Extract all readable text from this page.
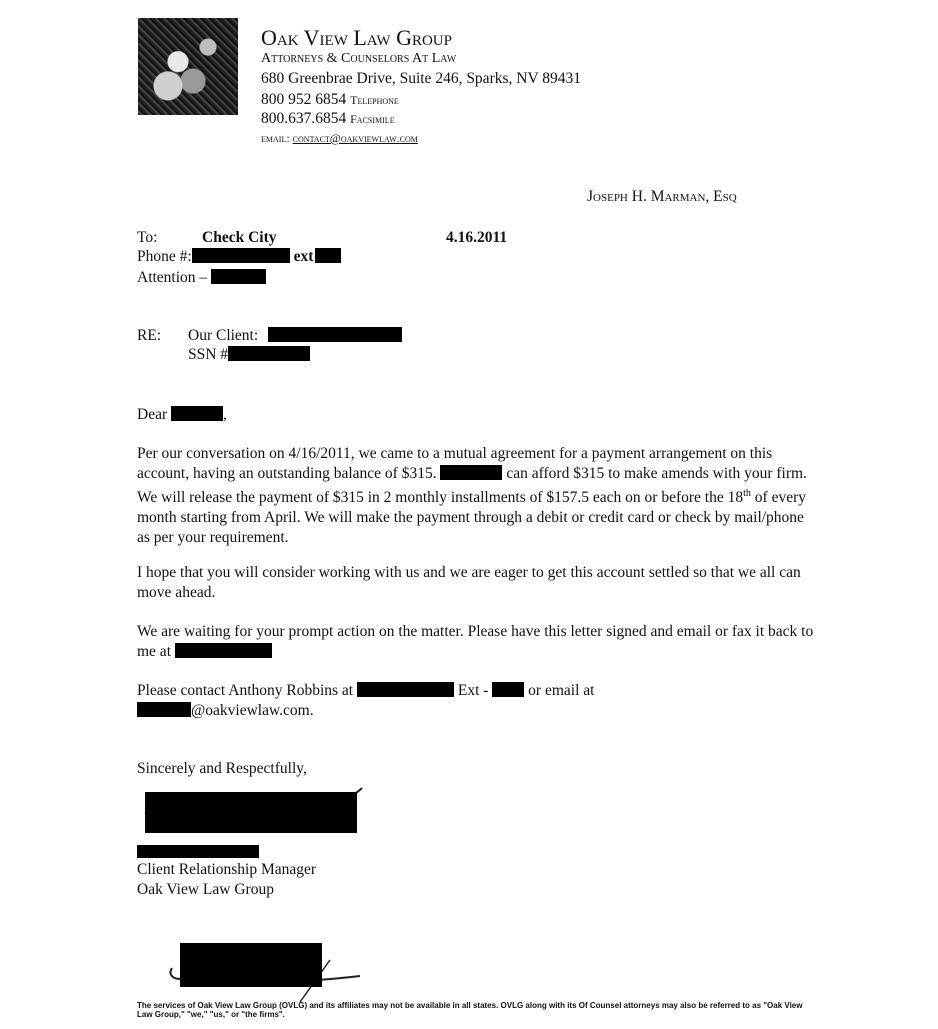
Oak View Law Group
Attorneys & Counselors At Law
680 Greenbrae Drive, Suite 246, Sparks, NV 89431
800 952 6854 Telephone
800.637.6854 Facsimile
email: contact@oakviewlaw.com
Joseph H. Marman, Esq
To:	Check City	4.16.2011
Phone #:	ext
Attention –
RE: Our Client:
SSN #
Dear	,
Per our conversation on 4/16/2011, we came to a mutual agreement for a payment arrangement on this account, having an outstanding balance of $315.	can afford $315 to make amends with your firm. We will release the payment of $315 in 2 monthly installments of $157.5 each on or before the 18th of every month starting from April. We will make the payment through a debit or credit card or check by mail/phone as per your requirement.
I hope that you will consider working with us and we are eager to get this account settled so that we all can move ahead.
We are waiting for your prompt action on the matter. Please have this letter signed and email or fax it back to me at
Please contact Anthony Robbins at	Ext -	or email at
@oakviewlaw.com.
Sincerely and Respectfully,
Client Relationship Manager
Oak View Law Group
The services of Oak View Law Group (OVLG) and its affiliates may not be available in all states. OVLG along with its Of Counsel attorneys may also be referred to as "Oak View Law Group," "we," "us," or "the firms".
